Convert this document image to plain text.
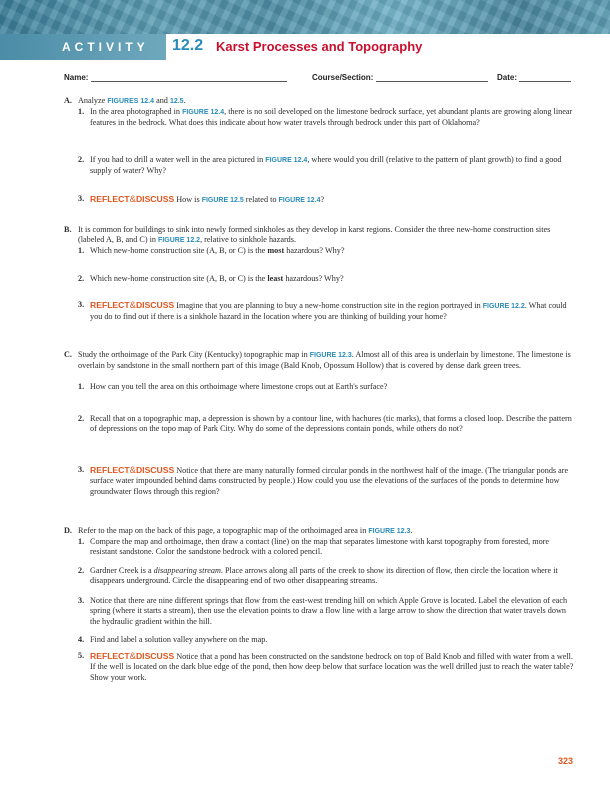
ACTIVITY 12.2 Karst Processes and Topography
Name:	Course/Section:	Date:
A. Analyze FIGURES 12.4 and 12.5.
1. In the area photographed in FIGURE 12.4, there is no soil developed on the limestone bedrock surface, yet abundant plants are growing along linear features in the bedrock. What does this indicate about how water travels through bedrock under this part of Oklahoma?
2. If you had to drill a water well in the area pictured in FIGURE 12.4, where would you drill (relative to the pattern of plant growth) to find a good supply of water? Why?
3. REFLECT&DISCUSS How is FIGURE 12.5 related to FIGURE 12.4?
B. It is common for buildings to sink into newly formed sinkholes as they develop in karst regions. Consider the three new-home construction sites (labeled A, B, and C) in FIGURE 12.2, relative to sinkhole hazards.
1. Which new-home construction site (A, B, or C) is the most hazardous? Why?
2. Which new-home construction site (A, B, or C) is the least hazardous? Why?
3. REFLECT&DISCUSS Imagine that you are planning to buy a new-home construction site in the region portrayed in FIGURE 12.2. What could you do to find out if there is a sinkhole hazard in the location where you are thinking of building your home?
C. Study the orthoimage of the Park City (Kentucky) topographic map in FIGURE 12.3. Almost all of this area is underlain by limestone. The limestone is overlain by sandstone in the small northern part of this image (Bald Knob, Opossum Hollow) that is covered by dense dark green trees.
1. How can you tell the area on this orthoimage where limestone crops out at Earth's surface?
2. Recall that on a topographic map, a depression is shown by a contour line, with hachures (tic marks), that forms a closed loop. Describe the pattern of depressions on the topo map of Park City. Why do some of the depressions contain ponds, while others do not?
3. REFLECT&DISCUSS Notice that there are many naturally formed circular ponds in the northwest half of the image. (The triangular ponds are surface water impounded behind dams constructed by people.) How could you use the elevations of the surfaces of the ponds to determine how groundwater flows through this region?
D. Refer to the map on the back of this page, a topographic map of the orthoimaged area in FIGURE 12.3.
1. Compare the map and orthoimage, then draw a contact (line) on the map that separates limestone with karst topography from forested, more resistant sandstone. Color the sandstone bedrock with a colored pencil.
2. Gardner Creek is a disappearing stream. Place arrows along all parts of the creek to show its direction of flow, then circle the location where it disappears underground. Circle the disappearing end of two other disappearing streams.
3. Notice that there are nine different springs that flow from the east-west trending hill on which Apple Grove is located. Label the elevation of each spring (where it starts a stream), then use the elevation points to draw a flow line with a large arrow to show the direction that water travels down the hydraulic gradient within the hill.
4. Find and label a solution valley anywhere on the map.
5. REFLECT&DISCUSS Notice that a pond has been constructed on the sandstone bedrock on top of Bald Knob and filled with water from a well. If the well is located on the dark blue edge of the pond, then how deep below that surface location was the well drilled just to reach the water table? Show your work.
323
